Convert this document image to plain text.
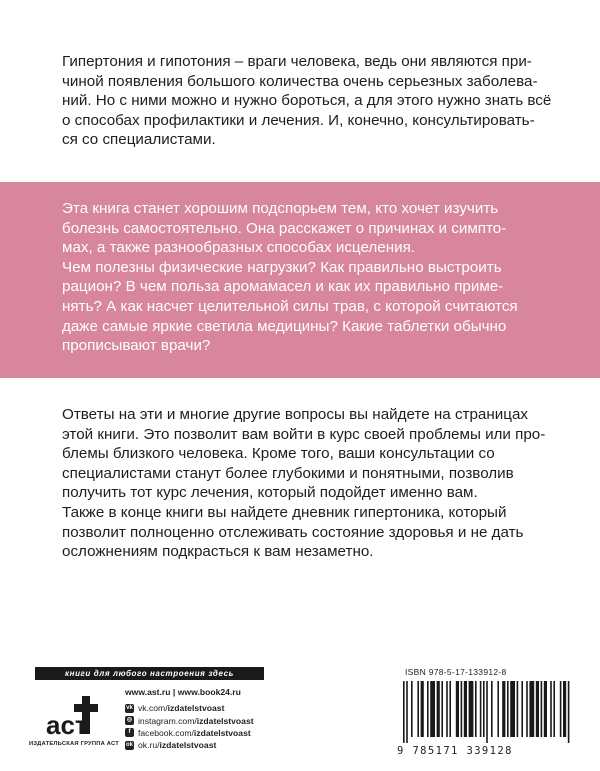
Гипертония и гипотония – враги человека, ведь они являются при-

чиной появления большого количества очень серьезных заболева-

ний. Но с ними можно и нужно бороться, а для этого нужно знать всё

о способах профилактики и лечения. И, конечно, консультировать-

ся со специалистами.

Эта книга станет хорошим подспорьем тем, кто хочет изучить

болезнь самостоятельно. Она расскажет о причинах и симпто-

мах, а также разнообразных способах исцеления.

Чем полезны физические нагрузки? Как правильно выстроить

рацион? В чем польза аромамасел и как их правильно приме-

нять? А как насчет целительной силы трав, с которой считаются

даже самые яркие светила медицины? Какие таблетки обычно

прописывают врачи?

Ответы на эти и многие другие вопросы вы найдете на страницах

этой книги. Это позволит вам войти в курс своей проблемы или про-

блемы близкого человека. Кроме того, ваши консультации со

специалистами станут более глубокими и понятными, позволив

получить тот курс лечения, который подойдет именно вам.

Также в конце книги вы найдете дневник гипертоника, который

позволит полноценно отслеживать состояние здоровья и не дать

осложнениям подкрасться к вам незаметно.

книги для любого настроения здесь
аст
ИЗДАТЕЛЬСКАЯ ГРУППА АСТ
www.ast.ru | www.book24.ru
vk vk.com/ izdatelstvoast
◎ instagram.com/ izdatelstvoast
f facebook.com/ izdatelstvoast
ok ok.ru/ izdatelstvoast
ISBN 978-5-17-133912-8
9 785171 339128
